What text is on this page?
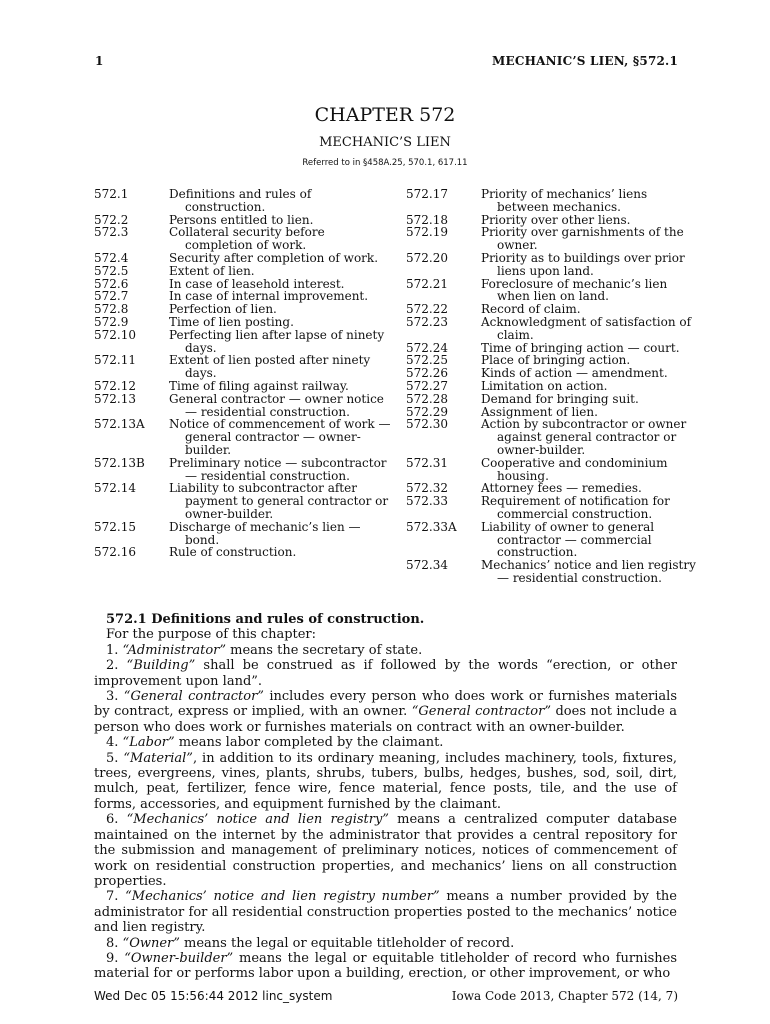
1	MECHANIC’S LIEN, §572.1
CHAPTER 572
MECHANIC’S LIEN
Referred to in §458A.25, 570.1, 617.11
572.1	Definitions and rules of construction.
572.2	Persons entitled to lien.
572.3	Collateral security before completion of work.
572.4	Security after completion of work.
572.5	Extent of lien.
572.6	In case of leasehold interest.
572.7	In case of internal improvement.
572.8	Perfection of lien.
572.9	Time of lien posting.
572.10	Perfecting lien after lapse of ninety days.
572.11	Extent of lien posted after ninety days.
572.12	Time of filing against railway.
572.13	General contractor — owner notice — residential construction.
572.13A	Notice of commencement of work — general contractor — owner-builder.
572.13B	Preliminary notice — subcontractor — residential construction.
572.14	Liability to subcontractor after payment to general contractor or owner-builder.
572.15	Discharge of mechanic’s lien — bond.
572.16	Rule of construction.
572.17	Priority of mechanics’ liens between mechanics.
572.18	Priority over other liens.
572.19	Priority over garnishments of the owner.
572.20	Priority as to buildings over prior liens upon land.
572.21	Foreclosure of mechanic’s lien when lien on land.
572.22	Record of claim.
572.23	Acknowledgment of satisfaction of claim.
572.24	Time of bringing action — court.
572.25	Place of bringing action.
572.26	Kinds of action — amendment.
572.27	Limitation on action.
572.28	Demand for bringing suit.
572.29	Assignment of lien.
572.30	Action by subcontractor or owner against general contractor or owner-builder.
572.31	Cooperative and condominium housing.
572.32	Attorney fees — remedies.
572.33	Requirement of notification for commercial construction.
572.33A	Liability of owner to general contractor — commercial construction.
572.34	Mechanics’ notice and lien registry — residential construction.

572.1 Definitions and rules of construction.

For the purpose of this chapter:

1. “Administrator” means the secretary of state.

2. “Building” shall be construed as if followed by the words “erection, or other improvement upon land”.

3. “General contractor” includes every person who does work or furnishes materials by contract, express or implied, with an owner. “General contractor” does not include a person who does work or furnishes materials on contract with an owner-builder.

4. “Labor” means labor completed by the claimant.

5. “Material”, in addition to its ordinary meaning, includes machinery, tools, fixtures, trees, evergreens, vines, plants, shrubs, tubers, bulbs, hedges, bushes, sod, soil, dirt, mulch, peat, fertilizer, fence wire, fence material, fence posts, tile, and the use of forms, accessories, and equipment furnished by the claimant.

6. “Mechanics’ notice and lien registry” means a centralized computer database maintained on the internet by the administrator that provides a central repository for the submission and management of preliminary notices, notices of commencement of work on residential construction properties, and mechanics’ liens on all construction properties.

7. “Mechanics’ notice and lien registry number” means a number provided by the administrator for all residential construction properties posted to the mechanics’ notice and lien registry.

8. “Owner” means the legal or equitable titleholder of record.

9. “Owner-builder” means the legal or equitable titleholder of record who furnishes material for or performs labor upon a building, erection, or other improvement, or who

Wed Dec 05 15:56:44 2012 linc_system	Iowa Code 2013, Chapter 572 (14, 7)
